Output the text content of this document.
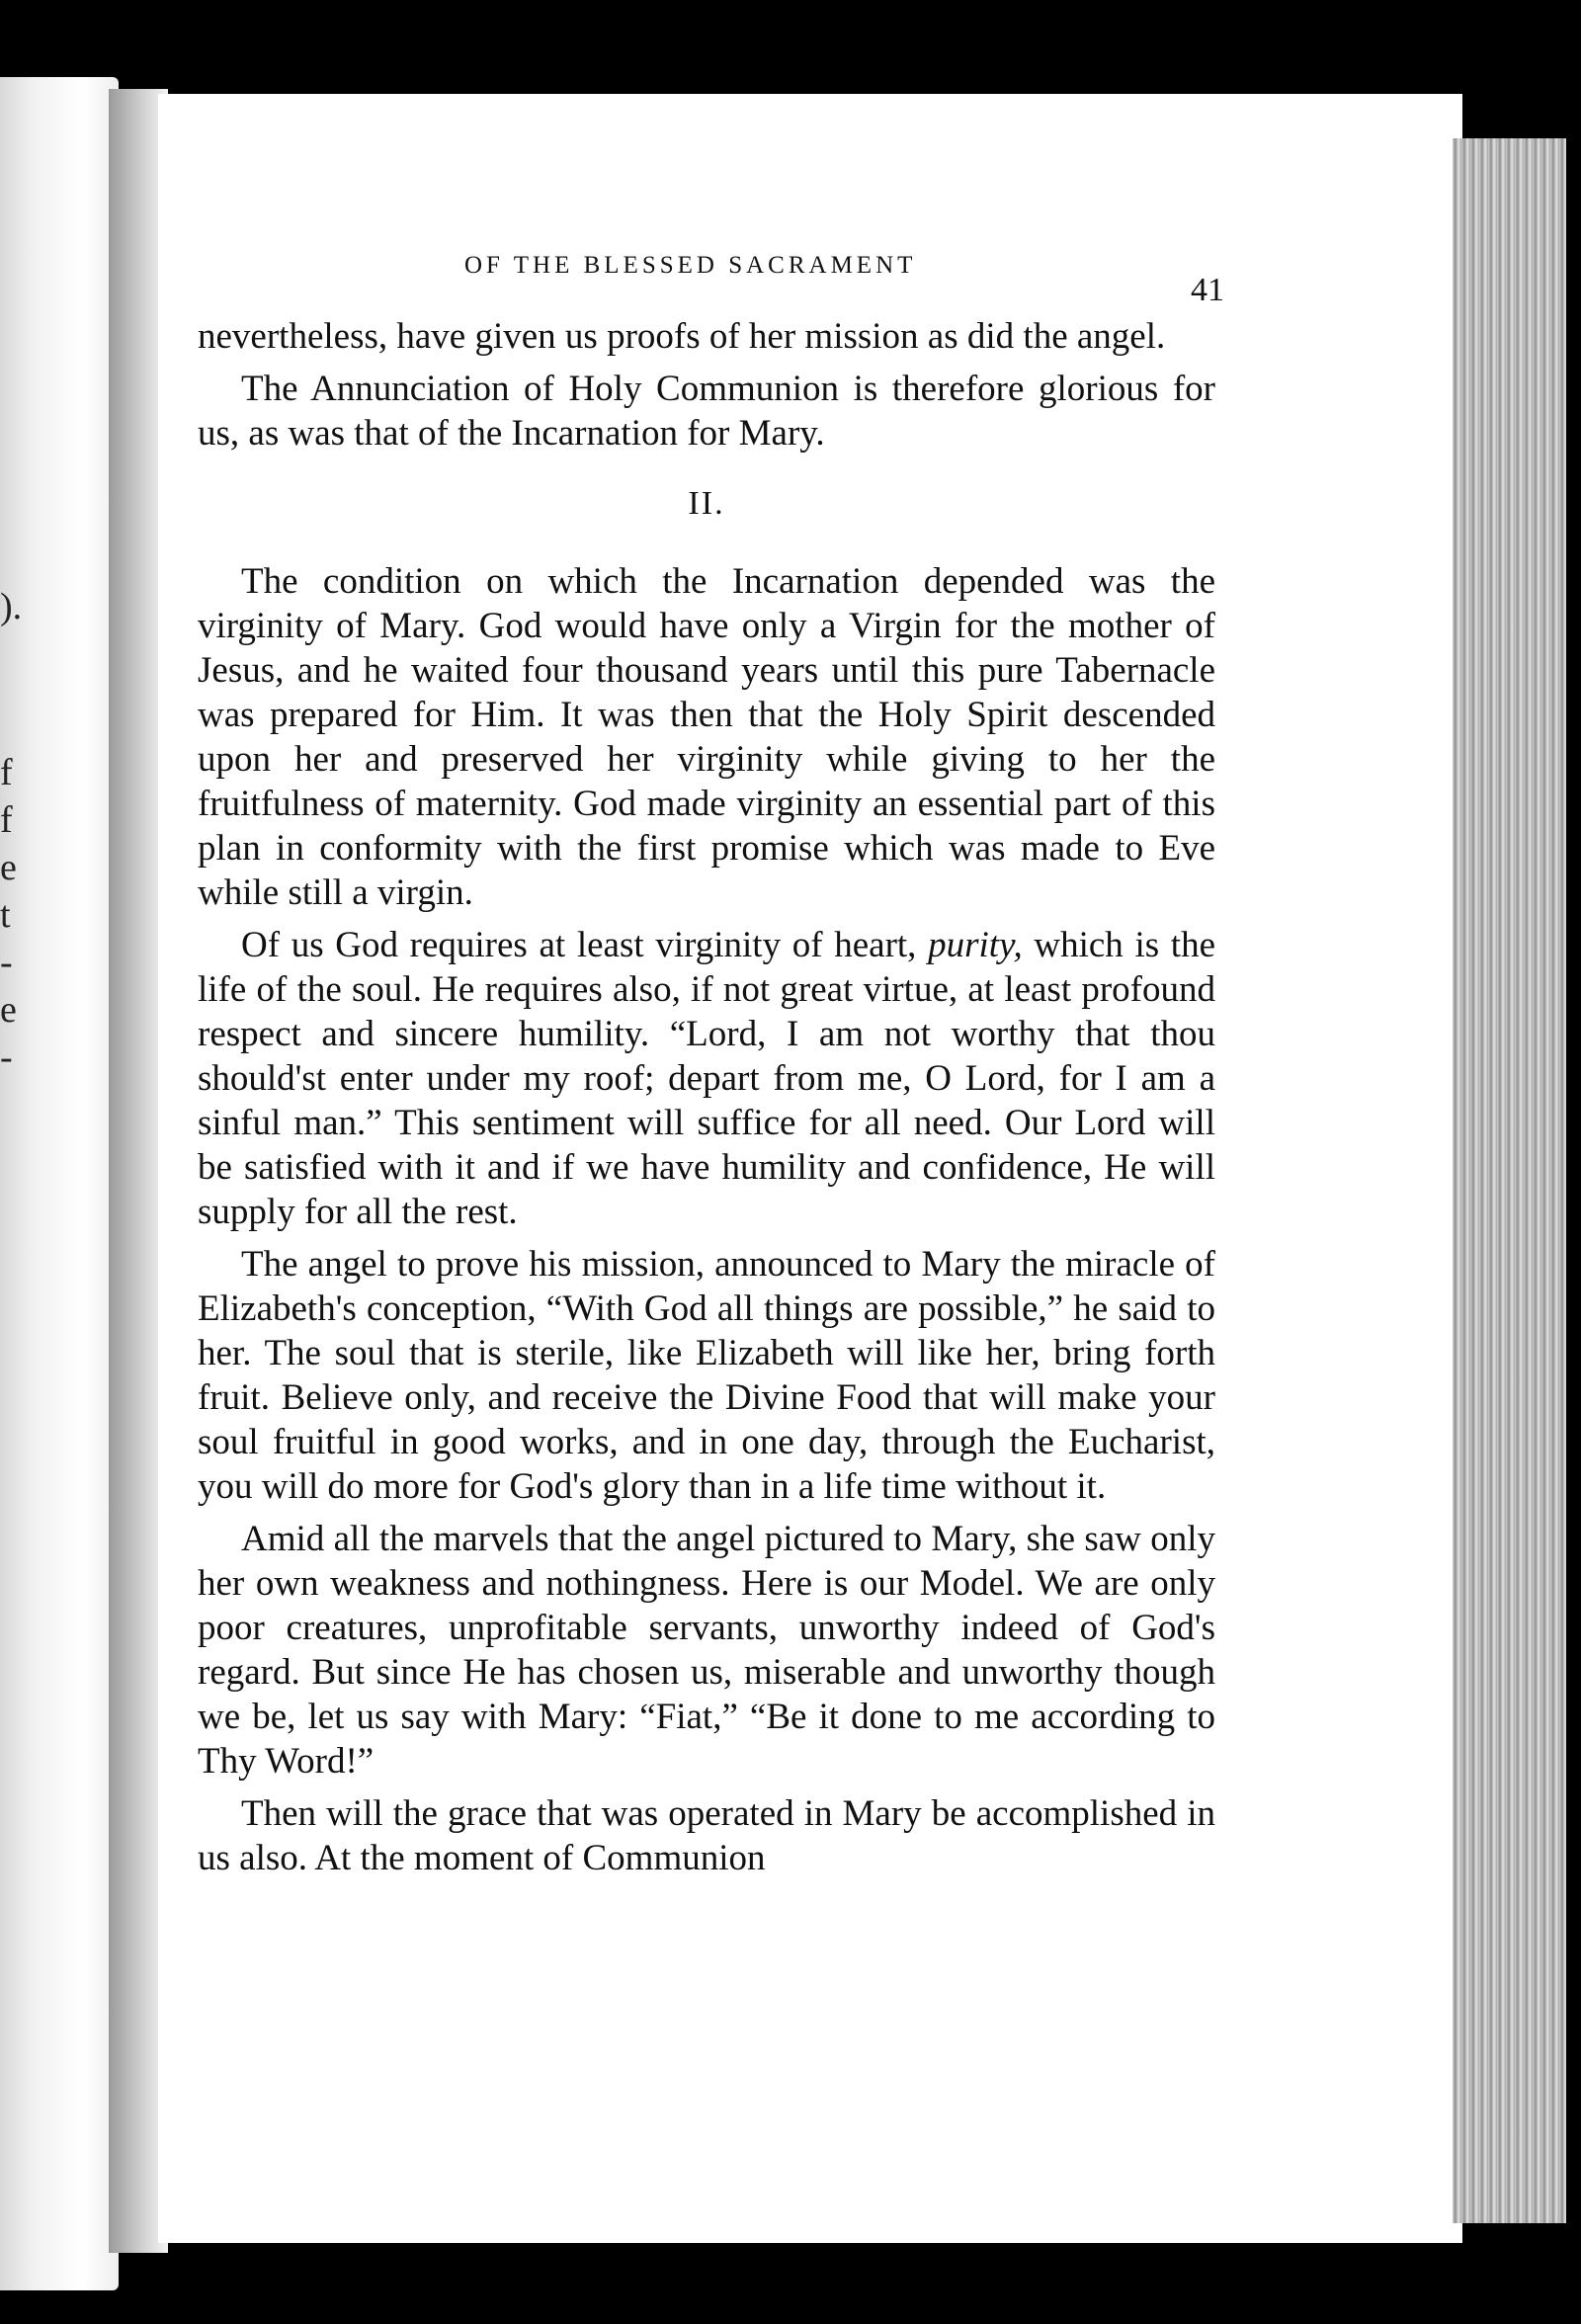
).
f
f
e
t
-
e
-
OF THE BLESSED SACRAMENT
41

nevertheless, have given us proofs of her mission as did the angel.

The Annunciation of Holy Communion is therefore glorious for us, as was that of the Incarnation for Mary.

II.

The condition on which the Incarnation depended was the virginity of Mary. God would have only a Virgin for the mother of Jesus, and he waited four thousand years until this pure Tabernacle was prepared for Him. It was then that the Holy Spirit descended upon her and preserved her virginity while giving to her the fruitfulness of maternity. God made virginity an essential part of this plan in conformity with the first promise which was made to Eve while still a virgin.

Of us God requires at least virginity of heart, purity, which is the life of the soul. He requires also, if not great virtue, at least profound respect and sincere humility. “Lord, I am not worthy that thou should'st enter under my roof; depart from me, O Lord, for I am a sinful man.” This sentiment will suffice for all need. Our Lord will be satisfied with it and if we have humility and confidence, He will supply for all the rest.

The angel to prove his mission, announced to Mary the miracle of Elizabeth's conception, “With God all things are possible,” he said to her. The soul that is sterile, like Elizabeth will like her, bring forth fruit. Believe only, and receive the Divine Food that will make your soul fruitful in good works, and in one day, through the Eucharist, you will do more for God's glory than in a life time without it.

Amid all the marvels that the angel pictured to Mary, she saw only her own weakness and nothingness. Here is our Model. We are only poor creatures, unprofitable servants, unworthy indeed of God's regard. But since He has chosen us, miserable and unworthy though we be, let us say with Mary: “Fiat,” “Be it done to me according to Thy Word!”

Then will the grace that was operated in Mary be accomplished in us also. At the moment of Communion
